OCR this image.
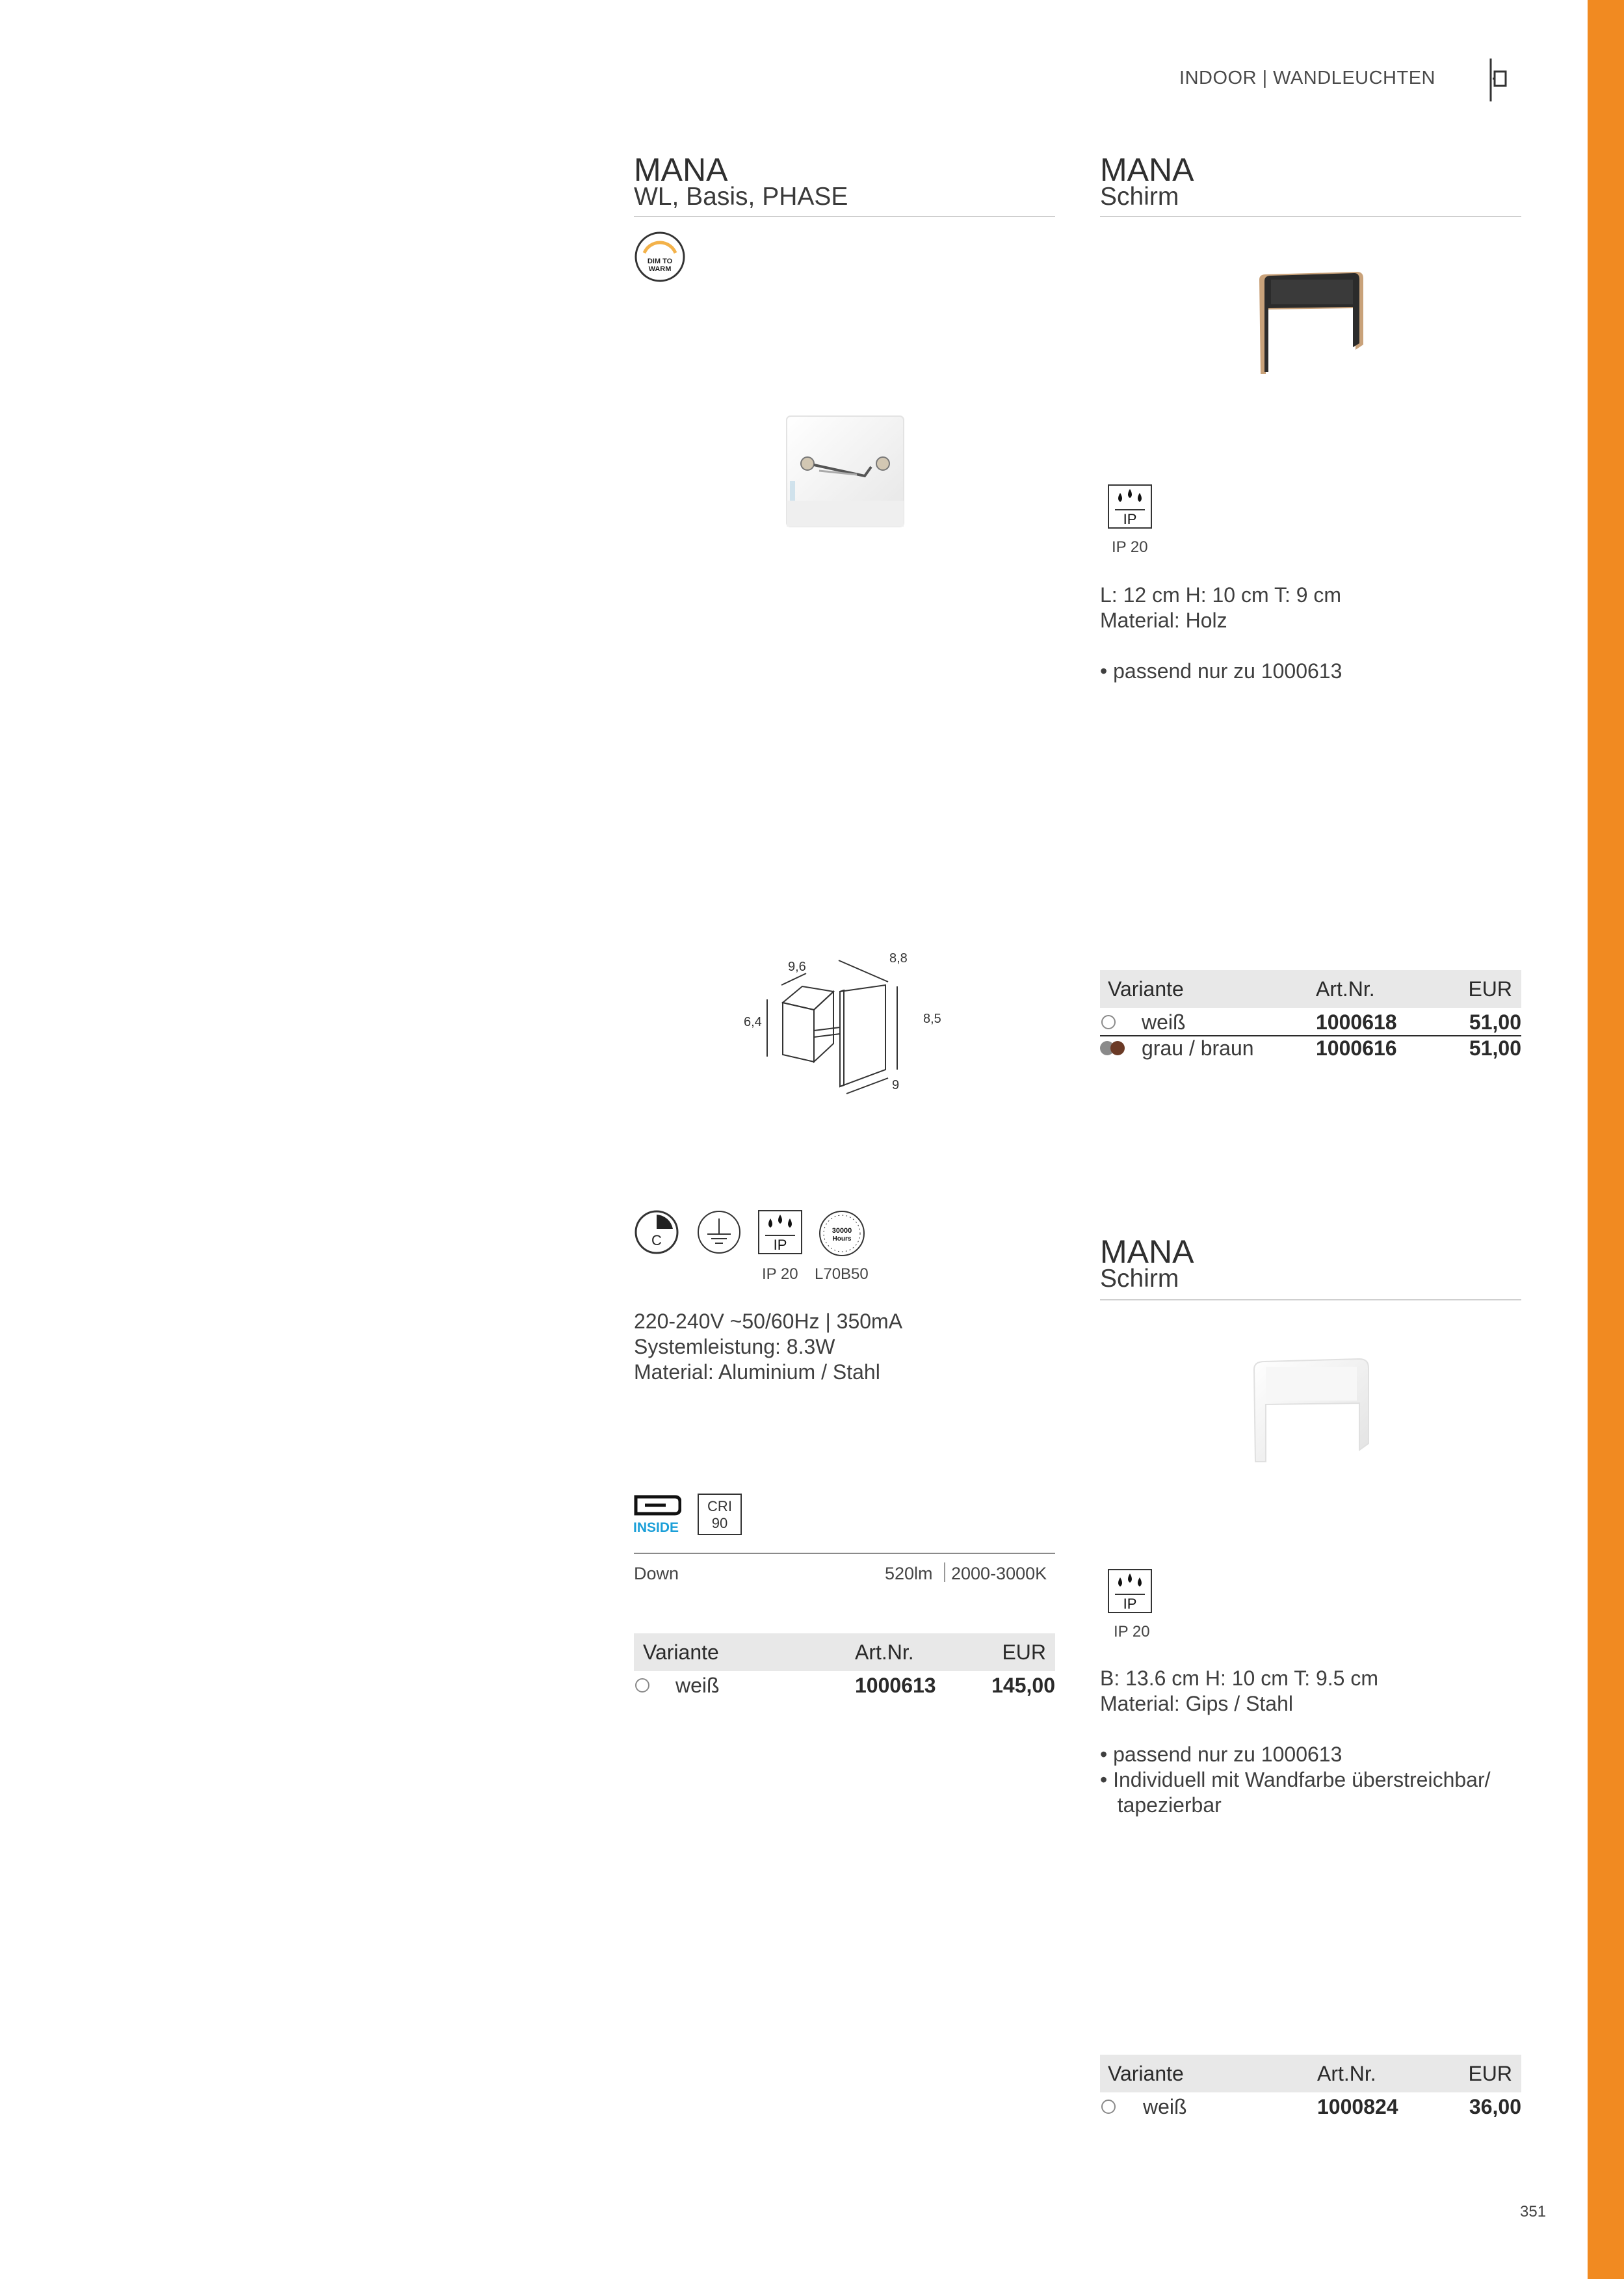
INDOOR | WANDLEUCHTEN
351
MANA
WL, Basis, PHASE
DIM TO
WARM
9,6
8,8
6,4	8,5
9
C	IP
30000
Hours
IP 20 L70B50
220-240V ~50/60Hz | 350mA
Systemleistung: 8.3W
Material: Aluminium / Stahl
INSIDE
CRI
90
Down	520lm 2000-3000K
Variante	Art.Nr.	EUR
weiß	1000613	145,00
MANA
Schirm
IP
IP 20
L: 12 cm H: 10 cm T: 9 cm
Material: Holz
• passend nur zu 1000613
Variante	Art.Nr.	EUR
weiß	1000618	51,00
grau / braun	1000616	51,00
MANA
Schirm
IP
IP 20
B: 13.6 cm H: 10 cm T: 9.5 cm
Material: Gips / Stahl
• passend nur zu 1000613
• Individuell mit Wandfarbe überstreichbar/
tapezierbar
Variante	Art.Nr.	EUR
weiß	1000824	36,00
